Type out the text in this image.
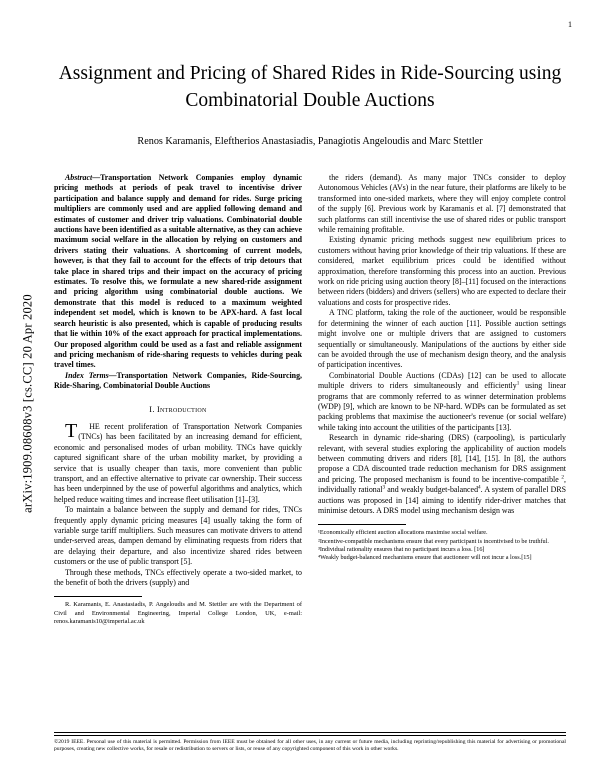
arXiv:1909.08608v3 [cs.CC] 20 Apr 2020
1
Assignment and Pricing of Shared Rides in Ride-Sourcing using Combinatorial Double Auctions
Renos Karamanis, Eleftherios Anastasiadis, Panagiotis Angeloudis and Marc Stettler

Abstract—Transportation Network Companies employ dynamic pricing methods at periods of peak travel to incentivise driver participation and balance supply and demand for rides. Surge pricing multipliers are commonly used and are applied following demand and estimates of customer and driver trip valuations. Combinatorial double auctions have been identified as a suitable alternative, as they can achieve maximum social welfare in the allocation by relying on customers and drivers stating their valuations. A shortcoming of current models, however, is that they fail to account for the effects of trip detours that take place in shared trips and their impact on the accuracy of pricing estimates. To resolve this, we formulate a new shared-ride assignment and pricing algorithm using combinatorial double auctions. We demonstrate that this model is reduced to a maximum weighted independent set model, which is known to be APX-hard. A fast local search heuristic is also presented, which is capable of producing results that lie within 10% of the exact approach for practical implementations. Our proposed algorithm could be used as a fast and reliable assignment and pricing mechanism of ride-sharing requests to vehicles during peak travel times.

Index Terms—Transportation Network Companies, Ride-Sourcing, Ride-Sharing, Combinatorial Double Auctions

I. Introduction

T HE recent proliferation of Transportation Network Companies (TNCs) has been facilitated by an increasing demand for efficient, economic and personalised modes of urban mobility. TNCs have quickly captured significant share of the urban mobility market, by providing a service that is usually cheaper than taxis, more convenient than public transport, and an effective alternative to private car ownership. Their success has been underpinned by the use of powerful algorithms and analytics, which helped reduce waiting times and increase fleet utilisation [1]–[3].

To maintain a balance between the supply and demand for rides, TNCs frequently apply dynamic pricing measures [4] usually taking the form of variable surge tariff multipliers. Such measures can motivate drivers to attend under-served areas, dampen demand by eliminating requests from riders that are delaying their departure, and also incentivize shared rides between customers or the use of public transport [5].

Through these methods, TNCs effectively operate a two-sided market, to the benefit of both the drivers (supply) and

R. Karamanis, E. Anastasiadis, P. Angeloudis and M. Stettler are with the Department of Civil and Environmental Engineering, Imperial College London, UK, e-mail: renos.karamanis10@imperial.ac.uk

the riders (demand). As many major TNCs consider to deploy Autonomous Vehicles (AVs) in the near future, their platforms are likely to be transformed into one-sided markets, where they will enjoy complete control of the supply [6]. Previous work by Karamanis et al. [7] demonstrated that such platforms can still incentivise the use of shared rides or public transport while remaining profitable.

Existing dynamic pricing methods suggest new equilibrium prices to customers without having prior knowledge of their trip valuations. If these are considered, market equilibrium prices could be identified without approximation, therefore transforming this process into an auction. Previous work on ride pricing using auction theory [8]–[11] focused on the interactions between riders (bidders) and drivers (sellers) who are expected to declare their valuations and costs for prospective rides.

A TNC platform, taking the role of the auctioneer, would be responsible for determining the winner of each auction [11]. Possible auction settings might involve one or multiple drivers that are assigned to customers sequentially or simultaneously. Manipulations of the auctions by either side can be avoided through the use of mechanism design theory, and the analysis of participation incentives.

Combinatorial Double Auctions (CDAs) [12] can be used to allocate multiple drivers to riders simultaneously and efficiently$^1$ using linear programs that are commonly referred to as winner determination problems (WDP) [9], which are known to be NP-hard. WDPs can be formulated as set packing problems that maximise the auctioneer's revenue (or social welfare) while taking into account the utilities of the participants [13].

Research in dynamic ride-sharing (DRS) (carpooling), is particularly relevant, with several studies exploring the applicability of auction models between commuting drivers and riders [8], [14], [15]. In [8], the authors propose a CDA discounted trade reduction mechanism for DRS assignment and pricing. The proposed mechanism is found to be incentive-compatible $^2$, individually rational$^3$ and weakly budget-balanced$^4$. A system of parallel DRS auctions was proposed in [14] aiming to identify rider-driver matches that minimise detours. A DRS model using mechanism design was

¹Economically efficient auction allocations maximise social welfare.

²Incentive-compatible mechanisms ensure that every participant is incentivised to be truthful.

³Individual rationality ensures that no participant incurs a loss. [16]

⁴Weakly budget-balanced mechanisms ensure that auctioneer will not incur a loss.[15]

©2019 IEEE. Personal use of this material is permitted. Permission from IEEE must be obtained for all other uses, in any current or future media, including reprinting/republishing this material for advertising or promotional purposes, creating new collective works, for resale or redistribution to servers or lists, or reuse of any copyrighted component of this work in other works.
